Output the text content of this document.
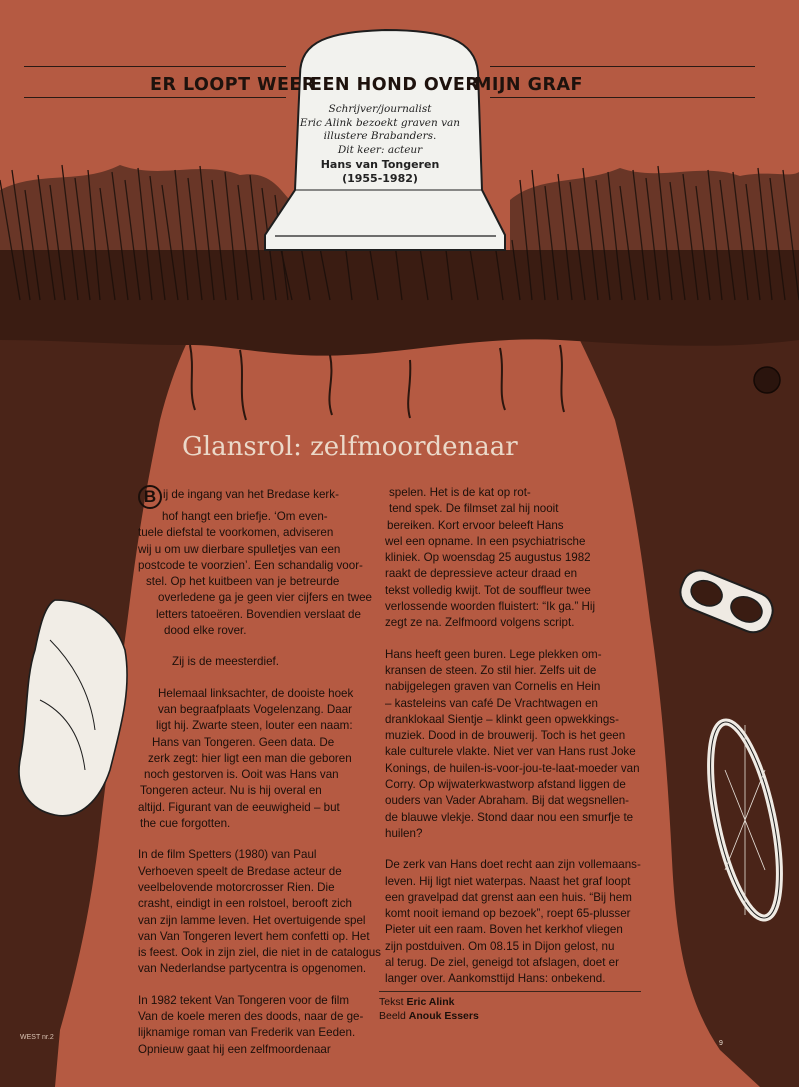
ER LOOPT WEER
EEN HOND OVER
MIJN GRAF
Schrijver/journalist
Eric Alink bezoekt graven van
illustere Brabanders.
Dit keer: acteur
Hans van Tongeren
(1955-1982)
Glansrol: zelfmoordenaar

B ij de ingang van het Bredase kerk-
hof hangt een briefje. ‘Om even-
tuele diefstal te voorkomen, adviseren
wij u om uw dierbare spulletjes van een
postcode te voorzien’. Een schandalig voor-
stel. Op het kuitbeen van je betreurde
overledene ga je geen vier cijfers en twee
letters tatoeëren. Bovendien verslaat de
dood elke rover.

Zij is de meesterdief.

Helemaal linksachter, de dooiste hoek
van begraafplaats Vogelenzang. Daar
ligt hij. Zwarte steen, louter een naam:
Hans van Tongeren. Geen data. De
zerk zegt: hier ligt een man die geboren
noch gestorven is. Ooit was Hans van
Tongeren acteur. Nu is hij overal en
altijd. Figurant van de eeuwigheid – but
the cue forgotten.

In de film Spetters (1980) van Paul
Verhoeven speelt de Bredase acteur de
veelbelovende motorcrosser Rien. Die
crasht, eindigt in een rolstoel, berooft zich
van zijn lamme leven. Het overtuigende spel
van Van Tongeren levert hem confetti op. Het
is feest. Ook in zijn ziel, die niet in de catalogus
van Nederlandse partycentra is opgenomen.

In 1982 tekent Van Tongeren voor de film
Van de koele meren des doods, naar de ge-
lijknamige roman van Frederik van Eeden.
Opnieuw gaat hij een zelfmoordenaar

spelen. Het is de kat op rot-
tend spek. De filmset zal hij nooit
bereiken. Kort ervoor beleeft Hans
wel een opname. In een psychiatrische
kliniek. Op woensdag 25 augustus 1982
raakt de depressieve acteur draad en
tekst volledig kwijt. Tot de souffleur twee
verlossende woorden fluistert: “Ik ga.” Hij
zegt ze na. Zelfmoord volgens script.

Hans heeft geen buren. Lege plekken om-
kransen de steen. Zo stil hier. Zelfs uit de
nabijgelegen graven van Cornelis en Hein
– kasteleins van café De Vrachtwagen en
dranklokaal Sientje – klinkt geen opwekkings-
muziek. Dood in de brouwerij. Toch is het geen
kale culturele vlakte. Niet ver van Hans rust Joke
Konings, de huilen-is-voor-jou-te-laat-moeder van
Corry. Op wijwaterkwastworp afstand liggen de
ouders van Vader Abraham. Bij dat wegsnellen-
de blauwe vlekje. Stond daar nou een smurfje te
huilen?

De zerk van Hans doet recht aan zijn vollemaans-
leven. Hij ligt niet waterpas. Naast het graf loopt
een gravelpad dat grenst aan een huis. “Bij hem
komt nooit iemand op bezoek”, roept 65-plusser
Pieter uit een raam. Boven het kerkhof vliegen
zijn postduiven. Om 08.15 in Dijon gelost, nu
al terug. De ziel, geneigd tot afslagen, doet er
langer over. Aankomsttijd Hans: onbekend.

Tekst Eric Alink
Beeld Anouk Essers
WEST nr.2
9
